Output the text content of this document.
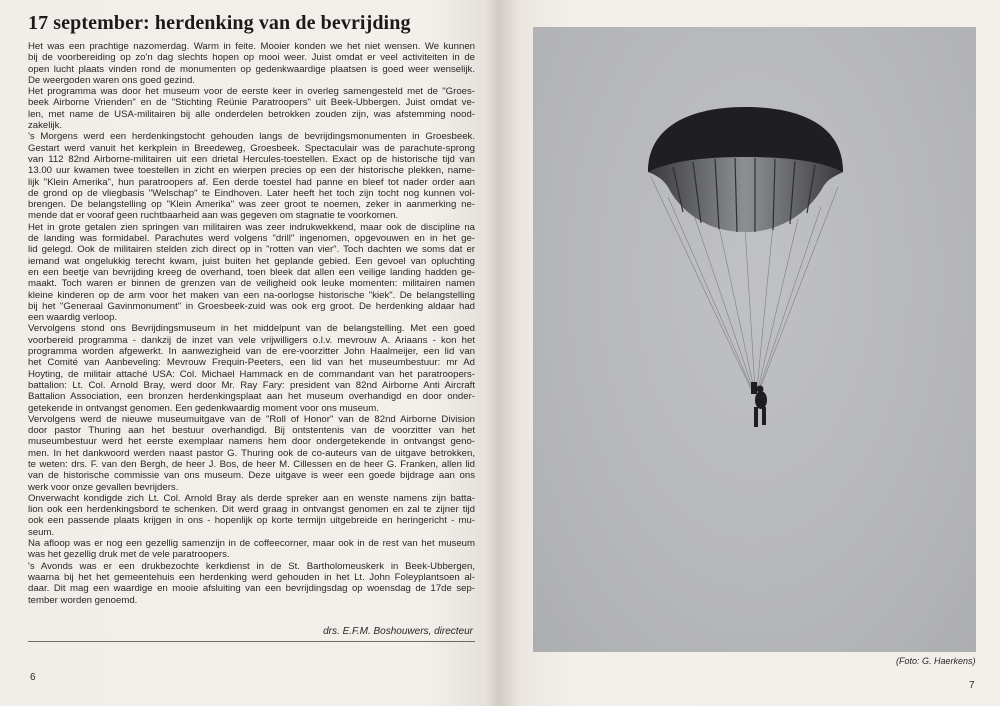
17 september: herdenking van de bevrijding
Het was een prachtige nazomerdag. Warm in feite. Mooier konden we het niet wensen. We kunnen
bij de voorbereiding op zo'n dag slechts hopen op mooi weer. Juist omdat er veel activiteiten in de
open lucht plaats vinden rond de monumenten op gedenkwaardige plaatsen is goed weer wenselijk.
De weergoden waren ons goed gezind.
Het programma was door het museum voor de eerste keer in overleg samengesteld met de "Groes-
beek Airborne Vrienden" en de "Stichting Reünie Paratroopers" uit Beek-Ubbergen. Juist omdat ve-
len, met name de USA-militairen bij alle onderdelen betrokken zouden zijn, was afstemming nood-
zakelijk.
's Morgens werd een herdenkingstocht gehouden langs de bevrijdingsmonumenten in Groesbeek.
Gestart werd vanuit het kerkplein in Breedeweg, Groesbeek. Spectaculair was de parachute-sprong
van 112 82nd Airborne-militairen uit een drietal Hercules-toestellen. Exact op de historische tijd van
13.00 uur kwamen twee toestellen in zicht en wierpen precies op een der historische plekken, name-
lijk "Klein Amerika", hun paratroopers af. Een derde toestel had panne en bleef tot nader order aan
de grond op de vliegbasis "Welschap" te Eindhoven. Later heeft het toch zijn tocht nog kunnen vol-
brengen. De belangstelling op "Klein Amerika" was zeer groot te noemen, zeker in aanmerking ne-
mende dat er vooraf geen ruchtbaarheid aan was gegeven om stagnatie te voorkomen.
Het in grote getalen zien springen van militairen was zeer indrukwekkend, maar ook de discipline na
de landing was formidabel. Parachutes werd volgens "drill" ingenomen, opgevouwen en in het ge-
lid gelegd. Ook de militairen stelden zich direct op in "rotten van vier". Toch dachten we soms dat er
iemand wat ongelukkig terecht kwam, juist buiten het geplande gebied. Een gevoel van opluchting
en een beetje van bevrijding kreeg de overhand, toen bleek dat allen een veilige landing hadden ge-
maakt. Toch waren er binnen de grenzen van de veiligheid ook leuke momenten: militairen namen
kleine kinderen op de arm voor het maken van een na-oorlogse historische "kiek". De belangstelling
bij het "Generaal Gavinmonument" in Groesbeek-zuid was ook erg groot. De herdenking aldaar had
een waardig verloop.
Vervolgens stond ons Bevrijdingsmuseum in het middelpunt van de belangstelling. Met een goed
voorbereid programma - dankzij de inzet van vele vrijwilligers o.l.v. mevrouw A. Ariaans - kon het
programma worden afgewerkt. In aanwezigheid van de ere-voorzitter John Haalmeijer, een lid van
het Comité van Aanbeveling: Mevrouw Frequin-Peeters, een lid van het museumbestuur: mr Ad
Hoyting, de militair attaché USA: Col. Michael Hammack en de commandant van het paratroopers-
battalion: Lt. Col. Arnold Bray, werd door Mr. Ray Fary: president van 82nd Airborne Anti Aircraft
Battalion Association, een bronzen herdenkingsplaat aan het museum overhandigd en door onder-
getekende in ontvangst genomen. Een gedenkwaardig moment voor ons museum.
Vervolgens werd de nieuwe museumuitgave van de "Roll of Honor" van de 82nd Airborne Division
door pastor Thuring aan het bestuur overhandigd. Bij ontstentenis van de voorzitter van het
museumbestuur werd het eerste exemplaar namens hem door ondergetekende in ontvangst geno-
men. In het dankwoord werden naast pastor G. Thuring ook de co-auteurs van de uitgave betrokken,
te weten: drs. F. van den Bergh, de heer J. Bos, de heer M. Cillessen en de heer G. Franken, allen lid
van de historische commissie van ons museum. Deze uitgave is weer een goede bijdrage aan ons
werk voor onze gevallen bevrijders.
Onverwacht kondigde zich Lt. Col. Arnold Bray als derde spreker aan en wenste namens zijn batta-
lion ook een herdenkingsbord te schenken. Dit werd graag in ontvangst genomen en zal te zijner tijd
ook een passende plaats krijgen in ons - hopenlijk op korte termijn uitgebreide en heringericht - mu-
seum.
Na afloop was er nog een gezellig samenzijn in de coffeecorner, maar ook in de rest van het museum
was het gezellig druk met de vele paratroopers.
's Avonds was er een drukbezochte kerkdienst in de St. Bartholomeuskerk in Beek-Ubbergen,
waarna bij het het gemeentehuis een herdenking werd gehouden in het Lt. John Foleyplantsoen al-
daar. Dit mag een waardige en mooie afsluiting van een bevrijdingsdag op woensdag de 17de sep-
tember worden genoemd.
drs. E.F.M. Boshouwers, directeur
6
7
(Foto: G. Haerkens)
